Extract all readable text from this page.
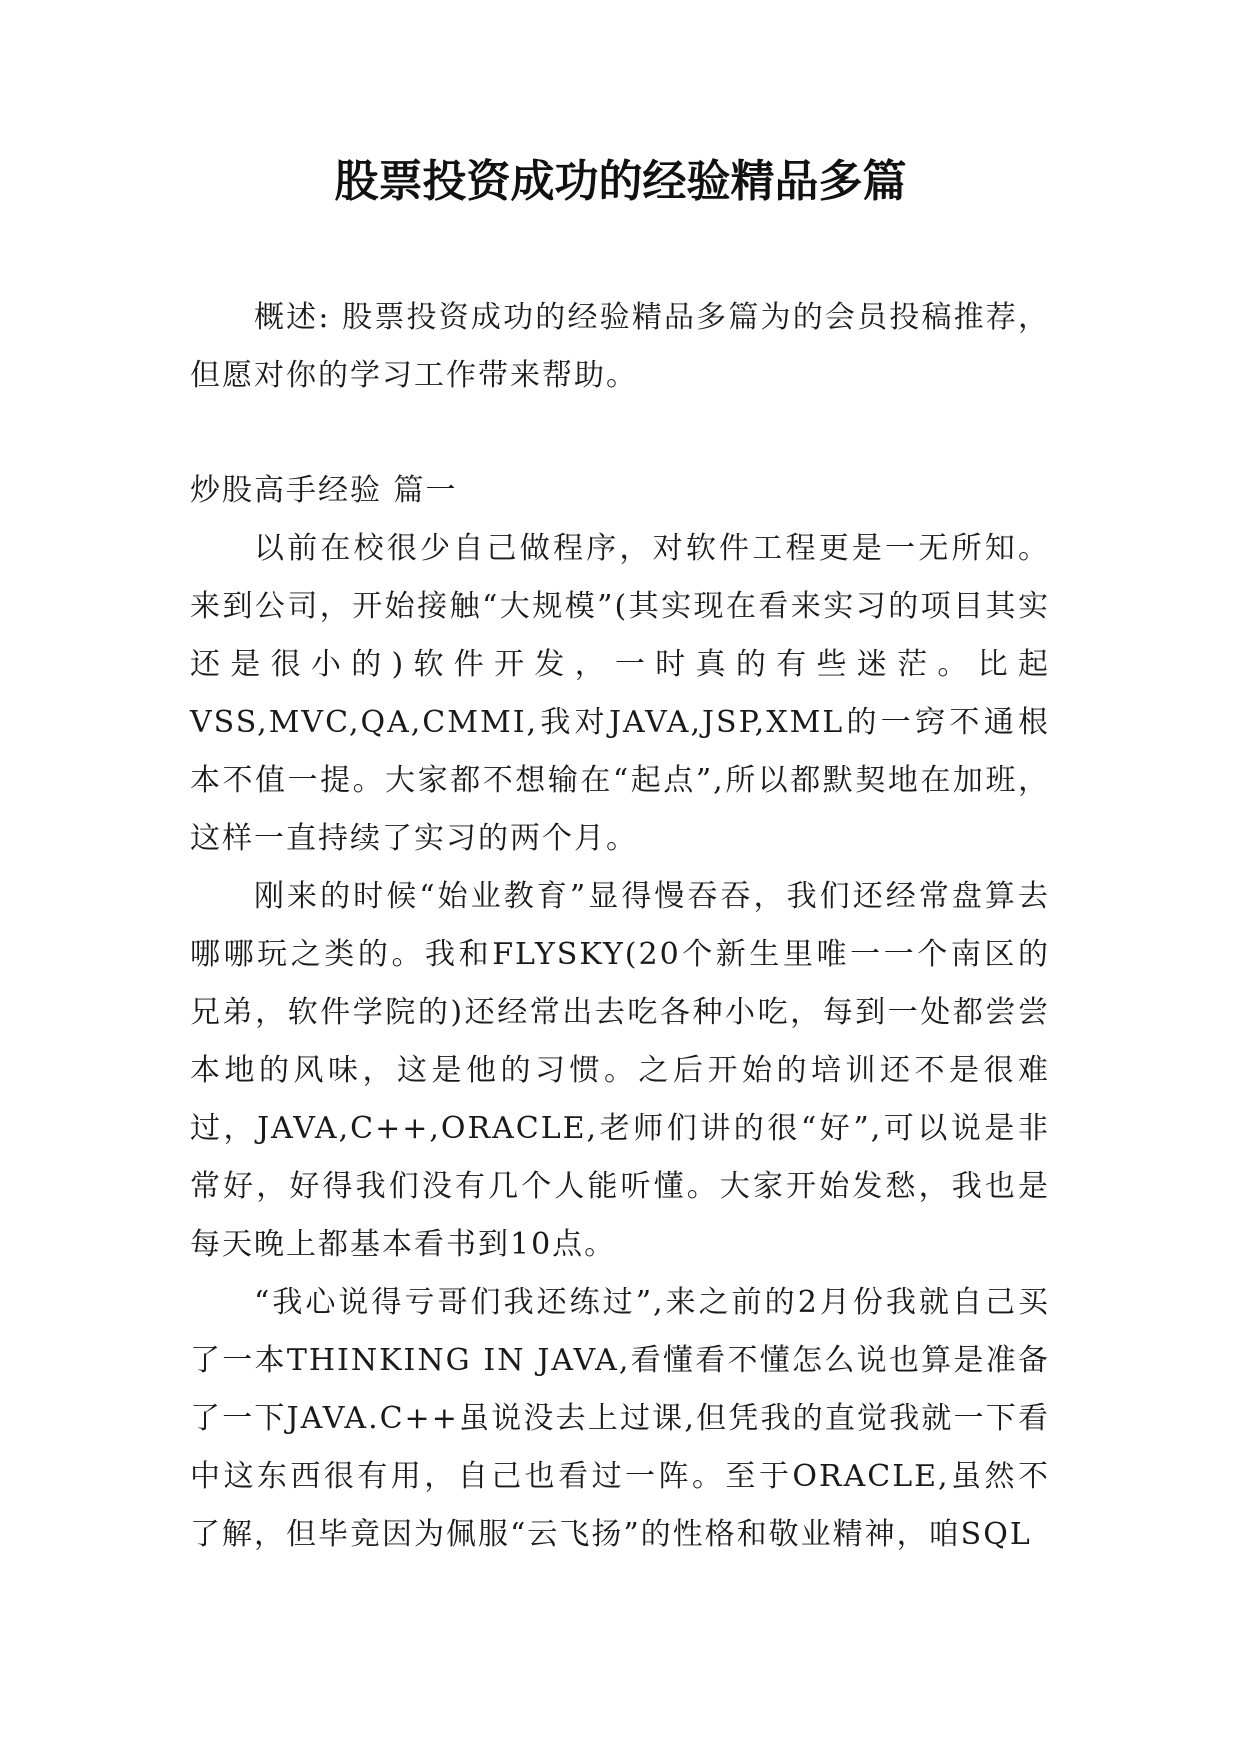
股票投资成功的经验精品多篇

概述: 股票投资成功的经验精品多篇为的会员投稿推荐，但愿对你的学习工作带来帮助。

炒股高手经验 篇一

以前在校很少自己做程序，对软件工程更是一无所知。来到公司，开始接触“大规模”(其实现在看来实习的项目其实还是很小的)软件开发，一时真的有些迷茫。比起VSS,MVC,QA,CMMI,我对JAVA,JSP,XML的一窍不通根本不值一提。大家都不想输在“起点”,所以都默契地在加班，这样一直持续了实习的两个月。

刚来的时候“始业教育”显得慢吞吞，我们还经常盘算去哪哪玩之类的。我和FLYSKY(20个新生里唯一一个南区的兄弟，软件学院的)还经常出去吃各种小吃，每到一处都尝尝本地的风味，这是他的习惯。之后开始的培训还不是很难过，JAVA,C++,ORACLE,老师们讲的很“好”,可以说是非常好，好得我们没有几个人能听懂。大家开始发愁，我也是每天晚上都基本看书到10点。

“我心说得亏哥们我还练过”,来之前的2月份我就自己买了一本THINKING IN JAVA,看懂看不懂怎么说也算是准备了一下JAVA.C++虽说没去上过课,但凭我的直觉我就一下看中这东西很有用，自己也看过一阵。至于ORACLE,虽然不了解，但毕竟因为佩服“云飞扬”的性格和敬业精神，咱SQL
